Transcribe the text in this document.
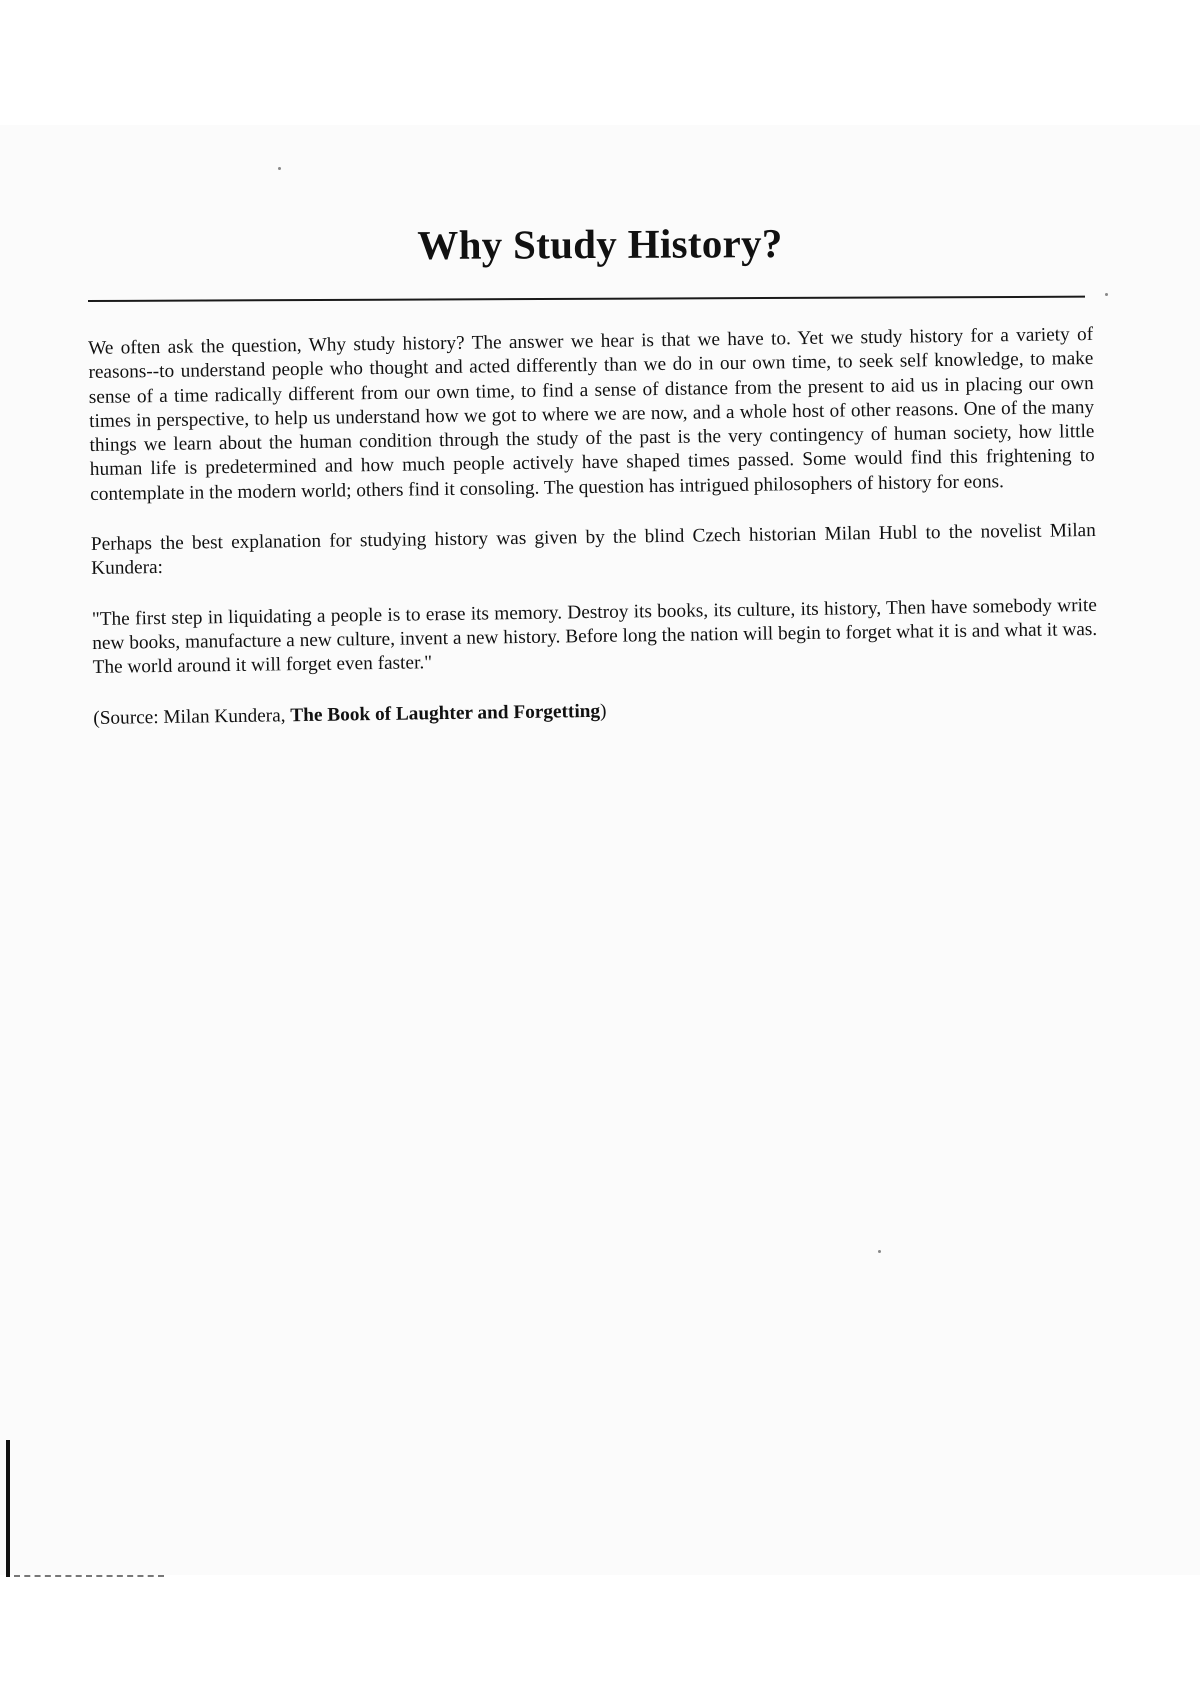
Why Study History?

We often ask the question, Why study history? The answer we hear is that we have to. Yet we study history for a variety of reasons--to understand people who thought and acted differently than we do in our own time, to seek self knowledge, to make sense of a time radically different from our own time, to find a sense of distance from the present to aid us in placing our own times in perspective, to help us understand how we got to where we are now, and a whole host of other reasons. One of the many things we learn about the human condition through the study of the past is the very contingency of human society, how little human life is predetermined and how much people actively have shaped times passed. Some would find this frightening to contemplate in the modern world; others find it consoling. The question has intrigued philosophers of history for eons.

Perhaps the best explanation for studying history was given by the blind Czech historian Milan Hubl to the novelist Milan Kundera:

"The first step in liquidating a people is to erase its memory. Destroy its books, its culture, its history, Then have somebody write new books, manufacture a new culture, invent a new history. Before long the nation will begin to forget what it is and what it was. The world around it will forget even faster."

(Source: Milan Kundera, The Book of Laughter and Forgetting)
